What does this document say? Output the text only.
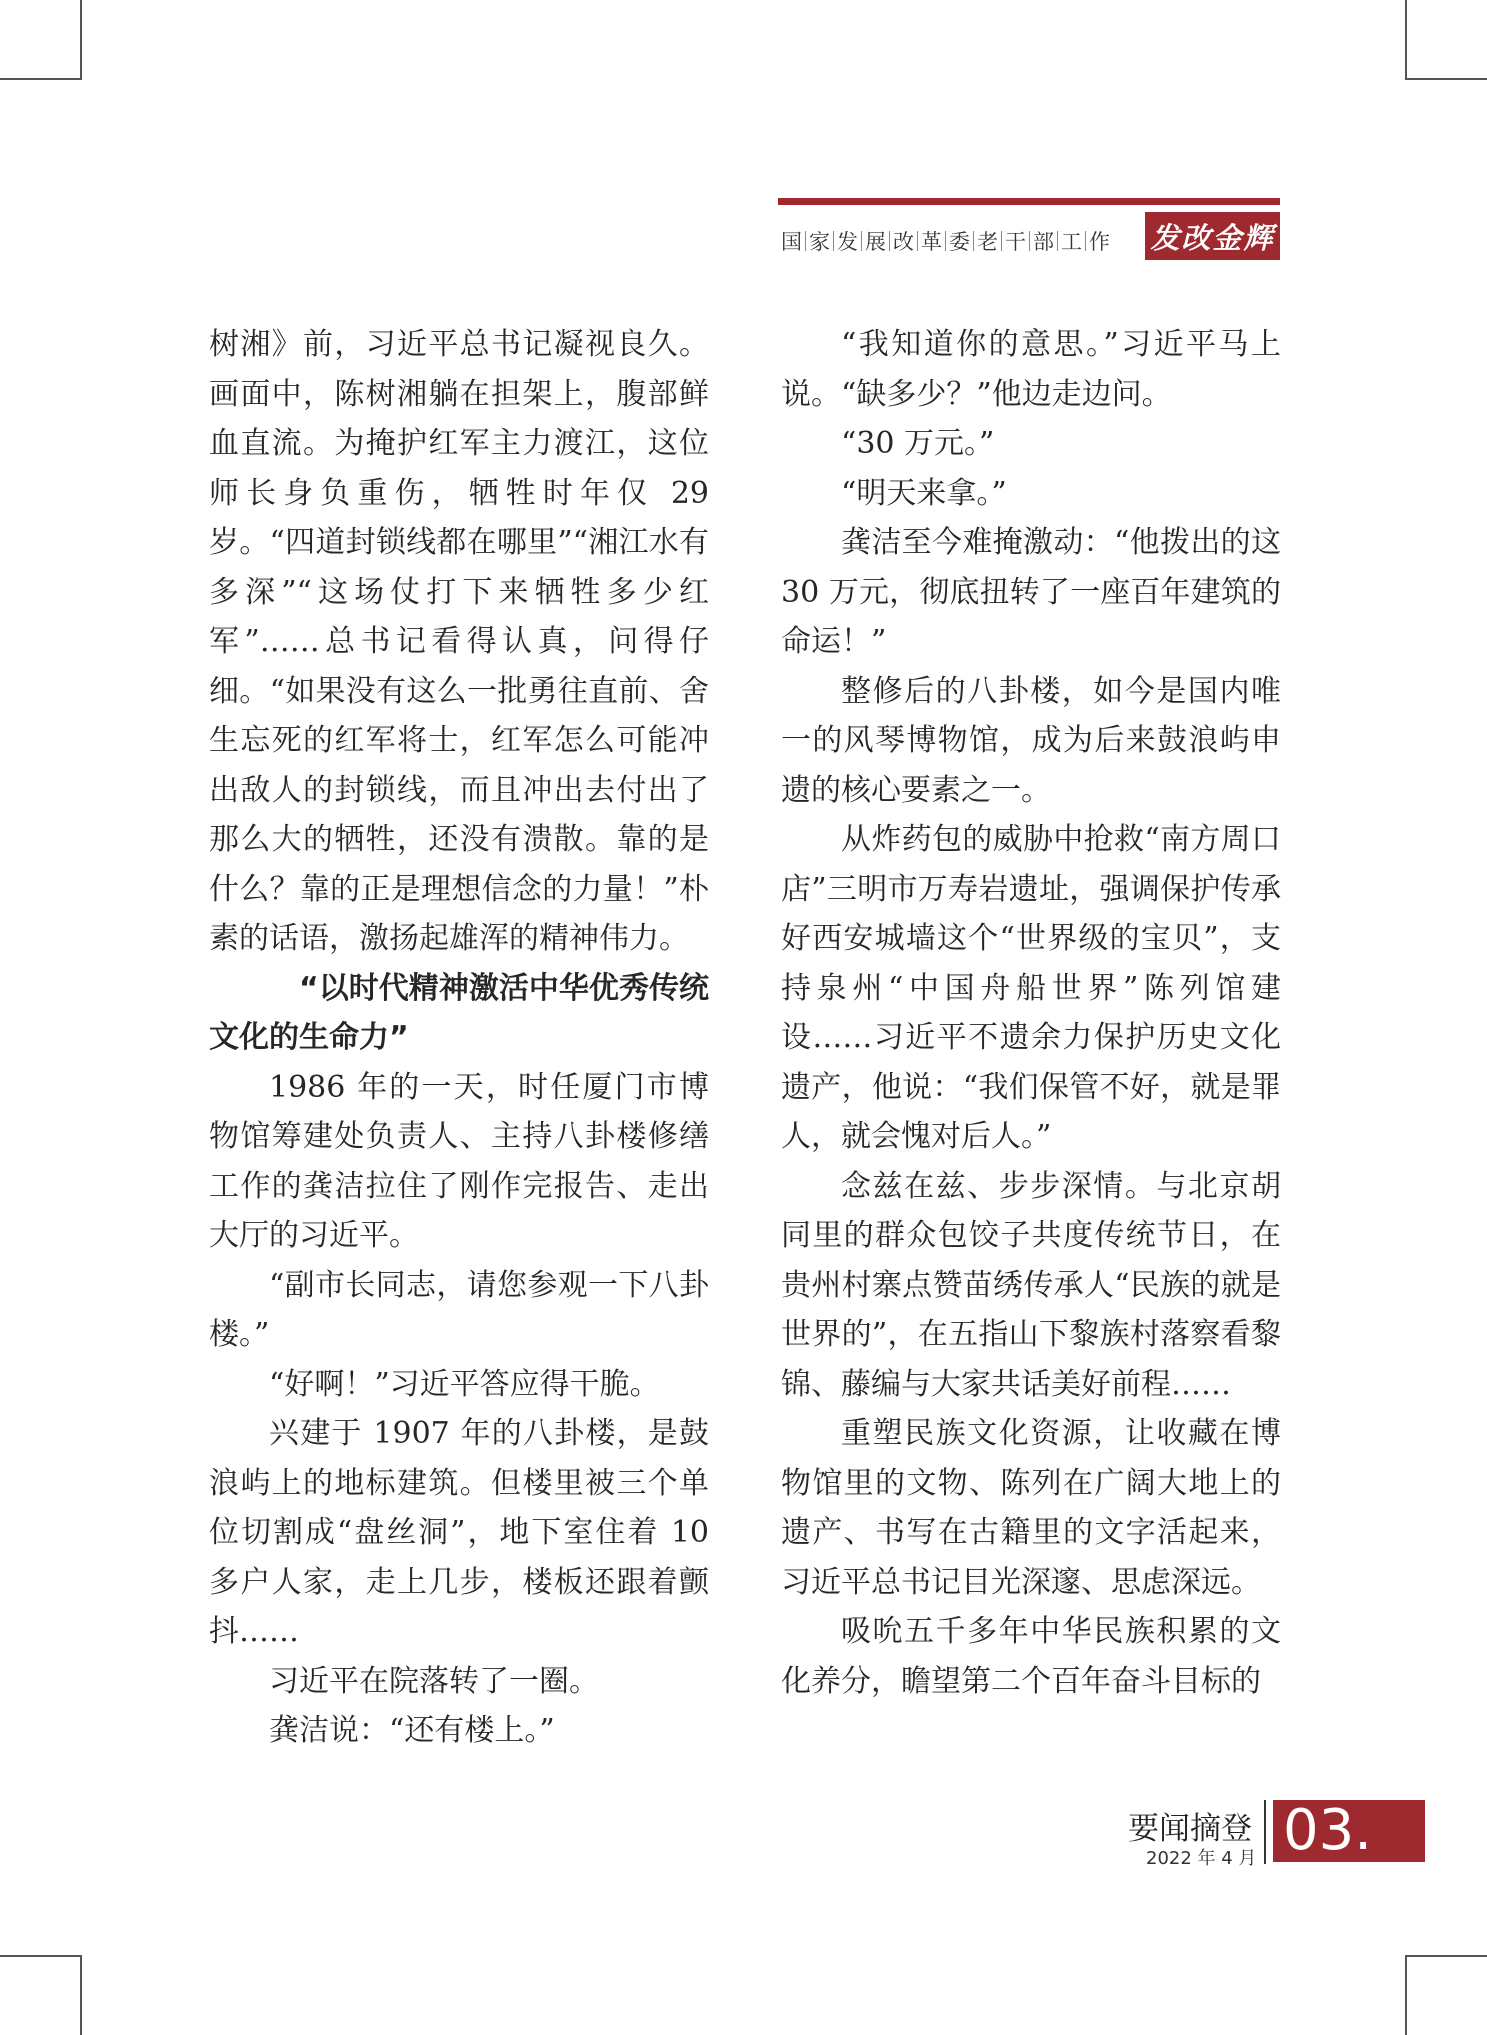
国 家 发 展 改 革 委 老 干 部 工 作 发改金辉

树湘》前，习近平总书记凝视良久。画面中，陈树湘躺在担架上，腹部鲜血直流。为掩护红军主力渡江，这位师长身负重伤，牺牲时年仅 29 岁。“四道封锁线都在哪里”“湘江水有多深”“这场仗打下来牺牲多少红军”……总书记看得认真，问得仔细。“如果没有这么一批勇往直前、舍生忘死的红军将士，红军怎么可能冲出敌人的封锁线，而且冲出去付出了那么大的牺牲，还没有溃散。靠的是什么？靠的正是理想信念的力量！”朴素的话语，激扬起雄浑的精神伟力。

“以时代精神激活中华优秀传统文化的生命力”

1986 年的一天，时任厦门市博物馆筹建处负责人、主持八卦楼修缮工作的龚洁拉住了刚作完报告、走出大厅的习近平。

“副市长同志，请您参观一下八卦楼。”

“好啊！”习近平答应得干脆。

兴建于 1907 年的八卦楼，是鼓浪屿上的地标建筑。但楼里被三个单位切割成“盘丝洞”，地下室住着 10 多户人家，走上几步，楼板还跟着颤抖……

习近平在院落转了一圈。

龚洁说：“还有楼上。”

“我知道你的意思。”习近平马上说。“缺多少？”他边走边问。

“30 万元。”

“明天来拿。”

龚洁至今难掩激动：“他拨出的这 30 万元，彻底扭转了一座百年建筑的命运！”

整修后的八卦楼，如今是国内唯一的风琴博物馆，成为后来鼓浪屿申遗的核心要素之一。

从炸药包的威胁中抢救“南方周口店”三明市万寿岩遗址，强调保护传承好西安城墙这个“世界级的宝贝”，支持泉州“中国舟船世界”陈列馆建设……习近平不遗余力保护历史文化遗产，他说：“我们保管不好，就是罪人，就会愧对后人。”

念兹在兹、步步深情。与北京胡同里的群众包饺子共度传统节日，在贵州村寨点赞苗绣传承人“民族的就是世界的”，在五指山下黎族村落察看黎锦、藤编与大家共话美好前程……

重塑民族文化资源，让收藏在博物馆里的文物、陈列在广阔大地上的遗产、书写在古籍里的文字活起来，习近平总书记目光深邃、思虑深远。

吸吮五千多年中华民族积累的文化养分，瞻望第二个百年奋斗目标的

要闻摘登
2022 年 4 月 03.
